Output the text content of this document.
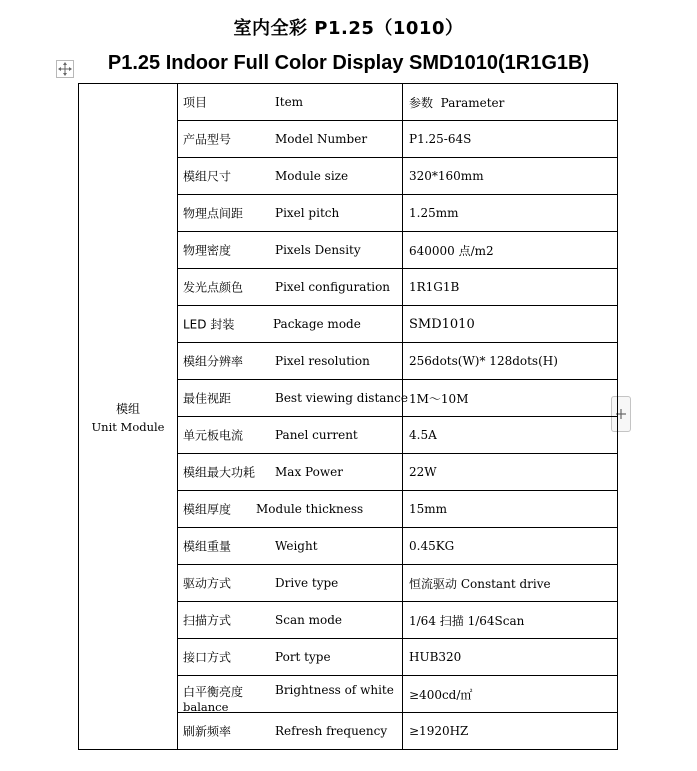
室内全彩 P1.25（1010）
P1.25 Indoor Full Color Display SMD1010(1R1G1B)
模组
Unit Module	项目 Item	参数 Parameter

	产品型号 Model Number	P1.25-64S

	模组尺寸 Module size	320*160mm

	物理点间距 Pixel pitch	1.25mm

	物理密度 Pixels Density	640000 点/m2

	发光点颜色 Pixel configuration	1R1G1B

	LED 封装 Package mode	SMD1010

	模组分辨率 Pixel resolution	256dots(W)* 128dots(H)

	最佳视距 Best viewing distance	1M～10M

	单元板电流 Panel current	4.5A

	模组最大功耗 Max Power	22W

	模组厚度 Module thickness	15mm

	模组重量 Weight	0.45KG

	驱动方式 Drive type	恒流驱动 Constant drive

	扫描方式 Scan mode	1/64 扫描 1/64Scan

	接口方式 Port type	HUB320

	白平衡亮度 Brightness of white
balance	≥400cd/㎡

	刷新频率 Refresh frequency	≥1920HZ
